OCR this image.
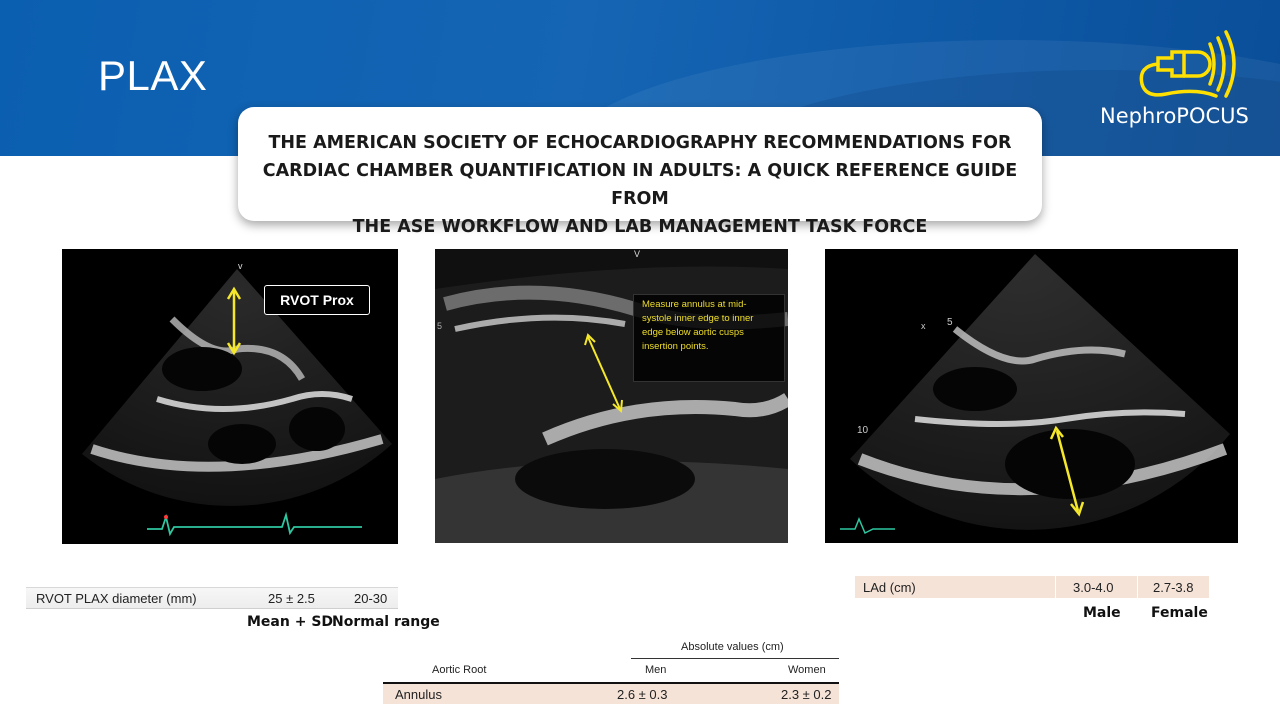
PLAX
NephroPOCUS
THE AMERICAN SOCIETY OF ECHOCARDIOGRAPHY RECOMMENDATIONS FOR
CARDIAC CHAMBER QUANTIFICATION IN ADULTS: A QUICK REFERENCE GUIDE FROM
THE ASE WORKFLOW AND LAB MANAGEMENT TASK FORCE
v
RVOT Prox
V
5
Measure annulus at mid-systole inner edge to inner edge below aortic cusps insertion points.
5
10
x
RVOT PLAX diameter (mm)	25 ± 2.5	20-30
Mean + SD
Normal range
LAd (cm)	3.0-4.0	2.7-3.8
Male Female
Absolute values (cm)
Aortic Root	Men	Women
Annulus	2.6 ± 0.3	2.3 ± 0.2
